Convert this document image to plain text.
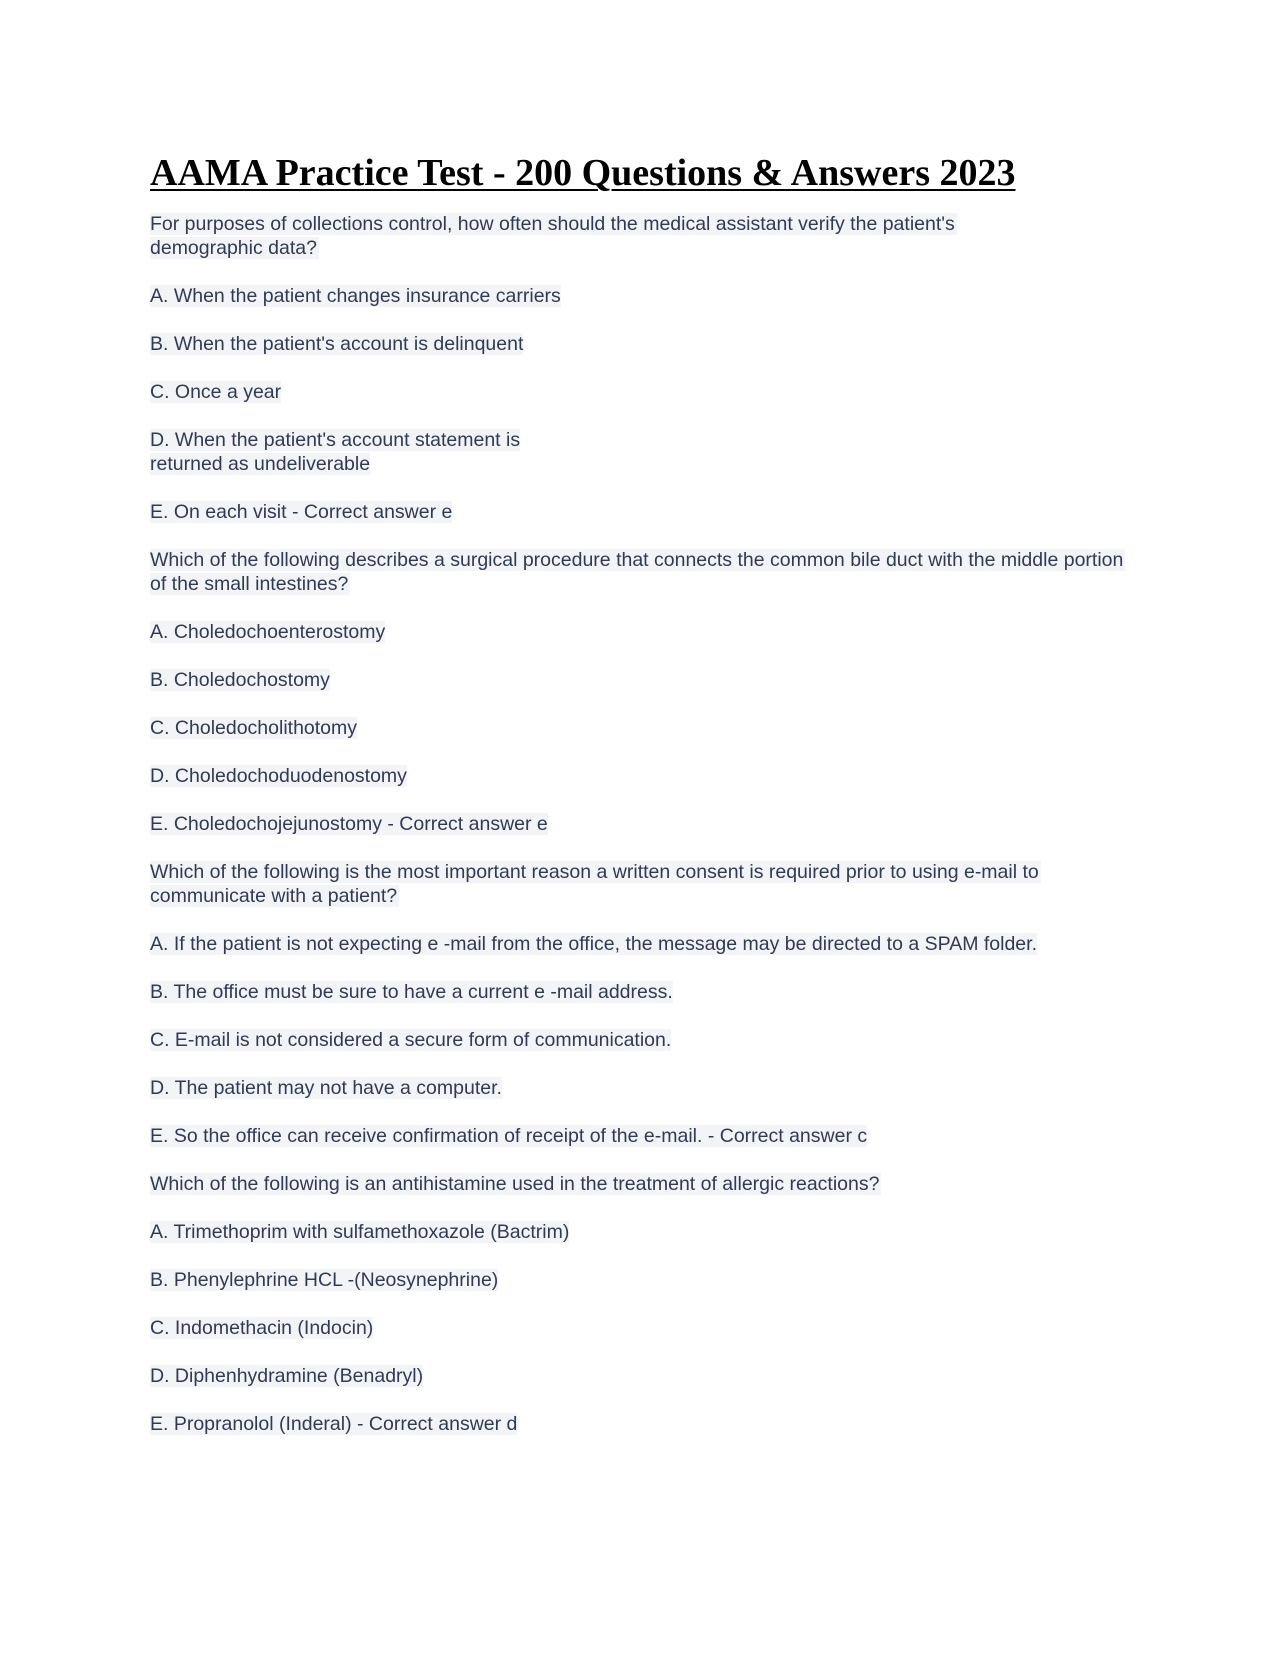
AAMA Practice Test - 200 Questions & Answers 2023

For purposes of collections control, how often should the medical assistant verify the patient's demographic data?

A. When the patient changes insurance carriers

B. When the patient's account is delinquent

C. Once a year

D. When the patient's account statement is returned as undeliverable

E. On each visit - Correct answer e

Which of the following describes a surgical procedure that connects the common bile duct with the middle portion of the small intestines?

A. Choledochoenterostomy

B. Choledochostomy

C. Choledocholithotomy

D. Choledochoduodenostomy

E. Choledochojejunostomy - Correct answer e

Which of the following is the most important reason a written consent is required prior to using e-mail to communicate with a patient?

A. If the patient is not expecting e -mail from the office, the message may be directed to a SPAM folder.

B. The office must be sure to have a current e -mail address.

C. E-mail is not considered a secure form of communication.

D. The patient may not have a computer.

E. So the office can receive confirmation of receipt of the e-mail. - Correct answer c

Which of the following is an antihistamine used in the treatment of allergic reactions?

A. Trimethoprim with sulfamethoxazole (Bactrim)

B. Phenylephrine HCL -(Neosynephrine)

C. Indomethacin (Indocin)

D. Diphenhydramine (Benadryl)

E. Propranolol (Inderal) - Correct answer d
